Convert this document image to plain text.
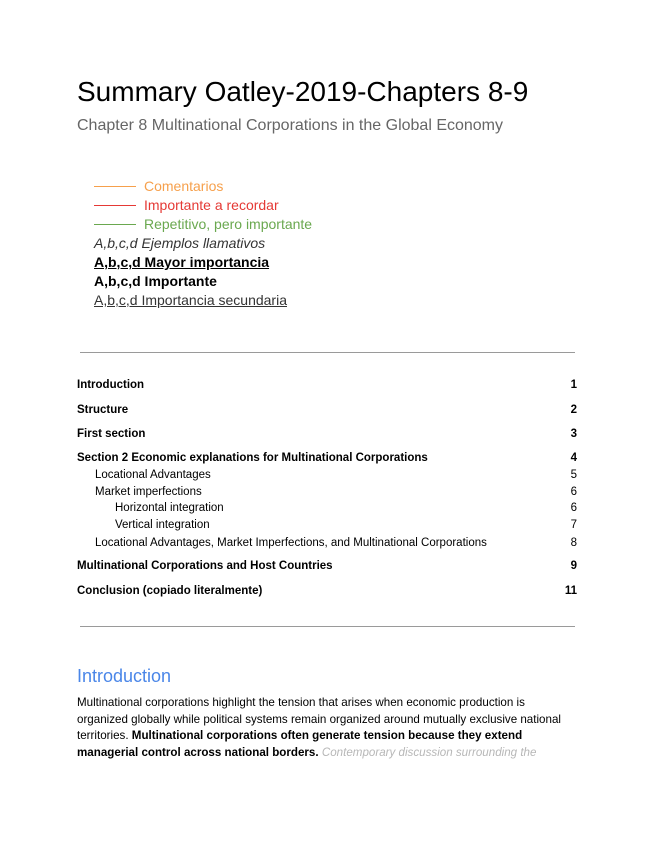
Summary Oatley-2019-Chapters 8-9
Chapter 8 Multinational Corporations in the Global Economy
Comentarios
Importante a recordar
Repetitivo, pero importante
A,b,c,d Ejemplos llamativos
A,b,c,d Mayor importancia
A,b,c,d Importante
A,b,c,d Importancia secundaria
Introduction	1
Structure	2
First section	3
Section 2 Economic explanations for Multinational Corporations	4
Locational Advantages	5
Market imperfections	6
Horizontal integration	6
Vertical integration	7
Locational Advantages, Market Imperfections, and Multinational Corporations	8
Multinational Corporations and Host Countries	9
Conclusion (copiado literalmente)	11
Introduction
Multinational corporations highlight the tension that arises when economic production is organized globally while political systems remain organized around mutually exclusive national territories. Multinational corporations often generate tension because they extend managerial control across national borders. Contemporary discussion surrounding the
